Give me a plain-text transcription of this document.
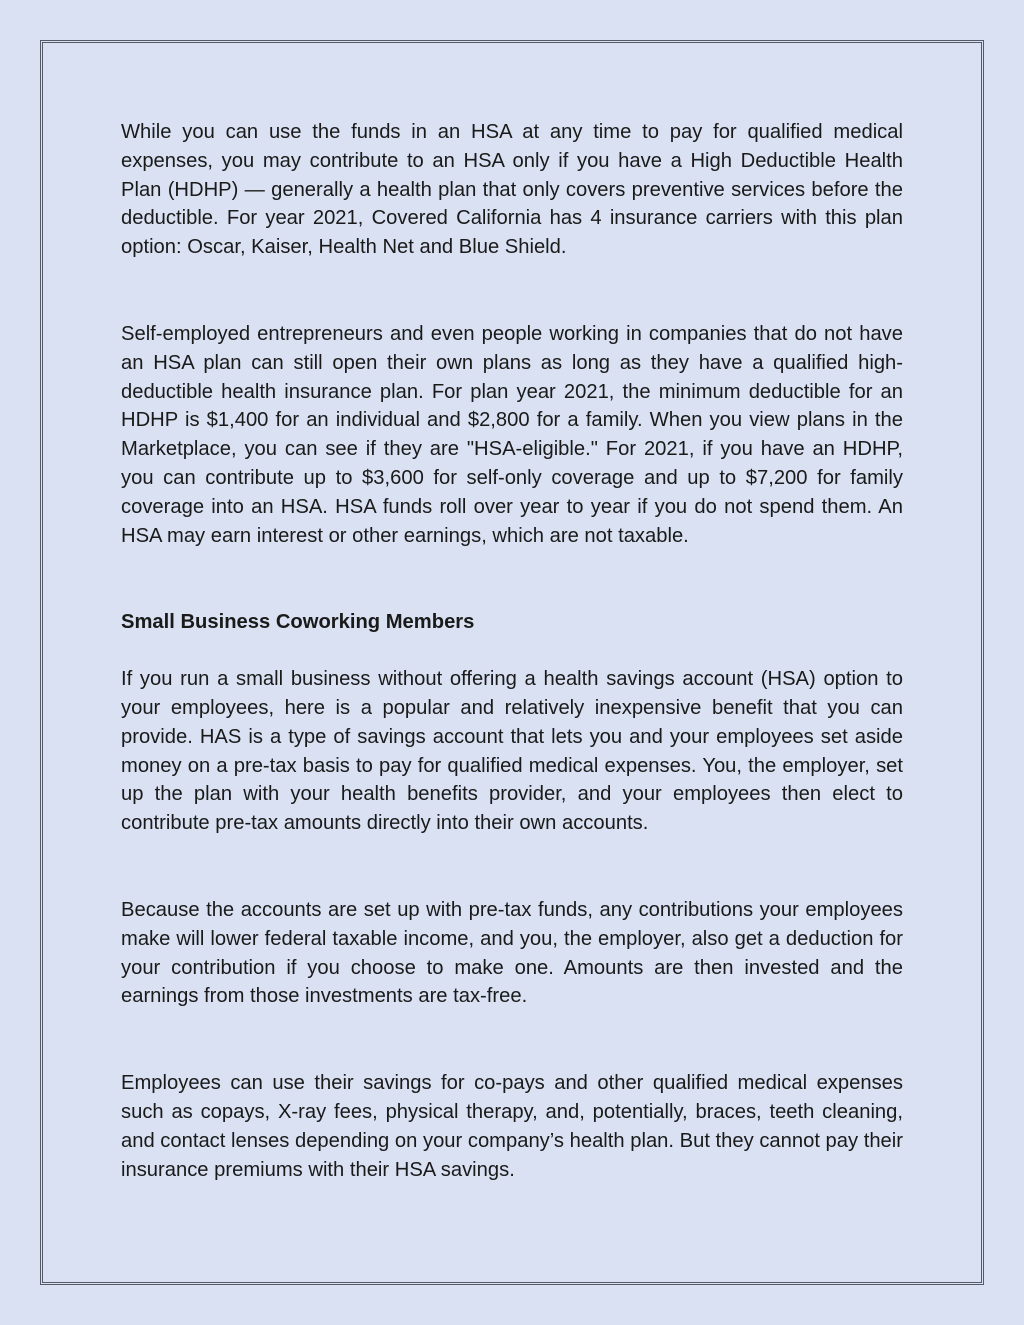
While you can use the funds in an HSA at any time to pay for qualified medical expenses, you may contribute to an HSA only if you have a High Deductible Health Plan (HDHP) — generally a health plan that only covers preventive services before the deductible. For year 2021, Covered California has 4 insurance carriers with this plan option: Oscar, Kaiser, Health Net and Blue Shield.

Self-employed entrepreneurs and even people working in companies that do not have an HSA plan can still open their own plans as long as they have a qualified high-deductible health insurance plan. For plan year 2021, the minimum deductible for an HDHP is $1,400 for an individual and $2,800 for a family. When you view plans in the Marketplace, you can see if they are "HSA-eligible." For 2021, if you have an HDHP, you can contribute up to $3,600 for self-only coverage and up to $7,200 for family coverage into an HSA. HSA funds roll over year to year if you do not spend them. An HSA may earn interest or other earnings, which are not taxable.

Small Business Coworking Members

If you run a small business without offering a health savings account (HSA) option to your employees, here is a popular and relatively inexpensive benefit that you can provide. HAS is a type of savings account that lets you and your employees set aside money on a pre-tax basis to pay for qualified medical expenses. You, the employer, set up the plan with your health benefits provider, and your employees then elect to contribute pre-tax amounts directly into their own accounts.

Because the accounts are set up with pre-tax funds, any contributions your employees make will lower federal taxable income, and you, the employer, also get a deduction for your contribution if you choose to make one. Amounts are then invested and the earnings from those investments are tax-free.

Employees can use their savings for co-pays and other qualified medical expenses such as copays, X-ray fees, physical therapy, and, potentially, braces, teeth cleaning, and contact lenses depending on your company’s health plan. But they cannot pay their insurance premiums with their HSA savings.
